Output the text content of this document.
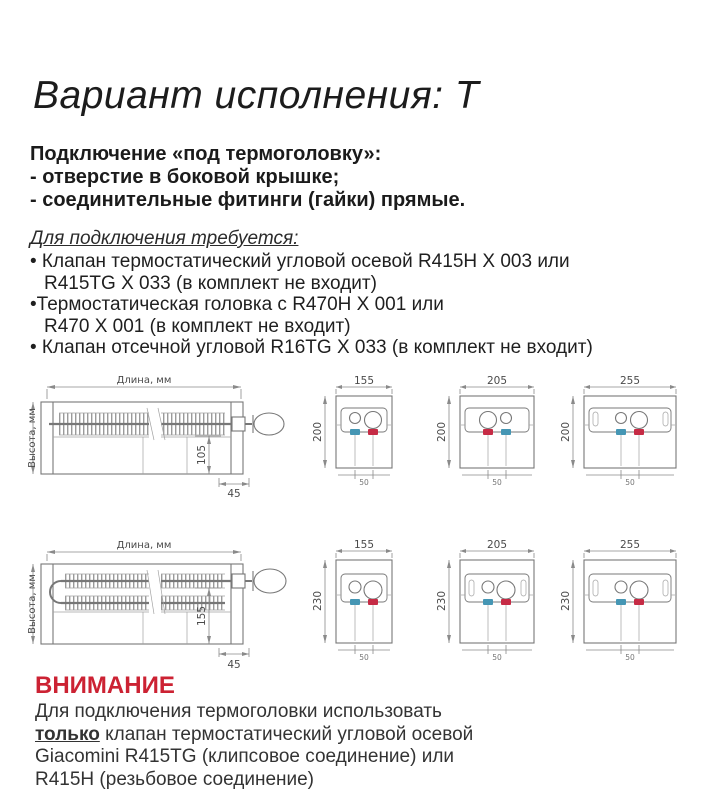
Вариант исполнения: Т
Подключение «под термоголовку»:
- отверстие в боковой крышке;
- соединительные фитинги (гайки) прямые.
Для подключения требуется:
• Клапан термостатический угловой осевой R415H X 003 или
R415TG X 033 (в комплект не входит)
•Термостатическая головка с R470H X 001 или
R470 X 001 (в комплект не входит)
• Клапан отсечной угловой R16TG X 033 (в комплект не входит)
Длина, мм
Высота, мм	105
45
155
200
50
205
200
50
255
200
50
Длина, мм
Высота, мм	155
45
155
230
50
205
230
50
255
230
50
ВНИМАНИЕ
Для подключения термоголовки использовать
только клапан термостатический угловой осевой
Giacomini R415TG (клипсовое соединение) или
R415H (резьбовое соединение)
